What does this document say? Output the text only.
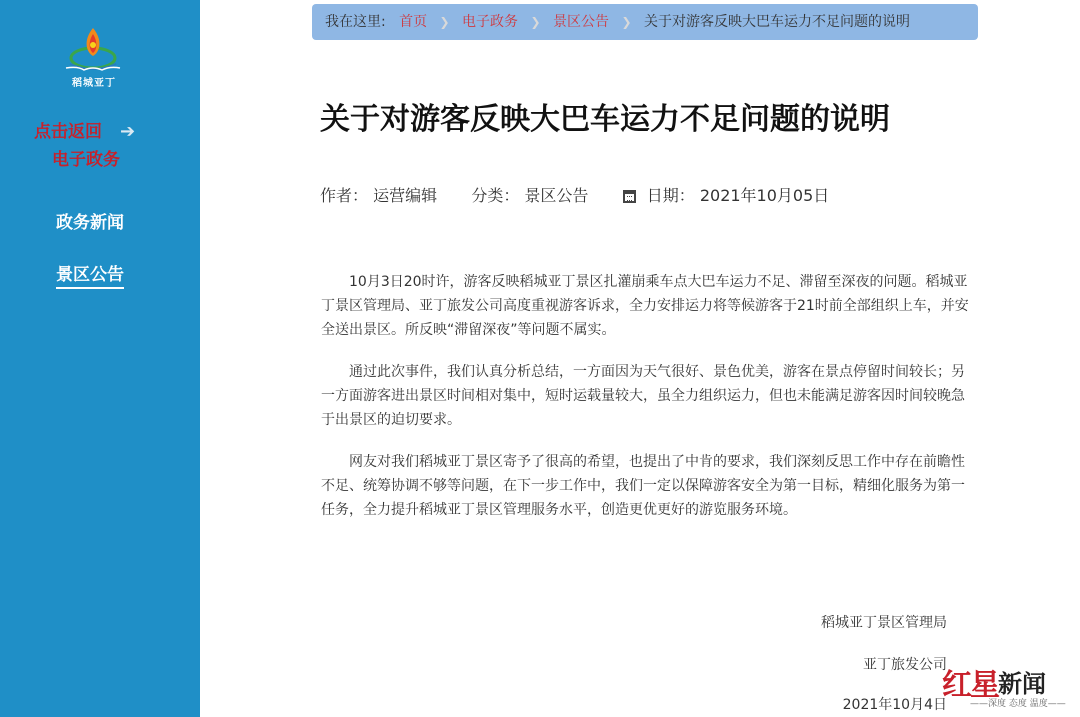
稻城亚丁
点击返回 ➔
电子政务
政务新闻
景区公告
我在这里: 首页 ❯ 电子政务 ❯ 景区公告 ❯ 关于对游客反映大巴车运力不足问题的说明
关于对游客反映大巴车运力不足问题的说明
作者： 运营编辑 分类： 景区公告	日期： 2021年10月05日

10月3日20时许，游客反映稻城亚丁景区扎灌崩乘车点大巴车运力不足、滞留至深夜的问题。稻城亚丁景区管理局、亚丁旅发公司高度重视游客诉求，全力安排运力将等候游客于21时前全部组织上车，并安全送出景区。所反映“滞留深夜”等问题不属实。

通过此次事件，我们认真分析总结，一方面因为天气很好、景色优美，游客在景点停留时间较长；另一方面游客进出景区时间相对集中，短时运载量较大，虽全力组织运力，但也未能满足游客因时间较晚急于出景区的迫切要求。

网友对我们稻城亚丁景区寄予了很高的希望，也提出了中肯的要求，我们深刻反思工作中存在前瞻性不足、统筹协调不够等问题，在下一步工作中，我们一定以保障游客安全为第一目标，精细化服务为第一任务，全力提升稻城亚丁景区管理服务水平，创造更优更好的游览服务环境。

稻城亚丁景区管理局
亚丁旅发公司
2021年10月4日
红星 新闻
——深度 态度 温度——
